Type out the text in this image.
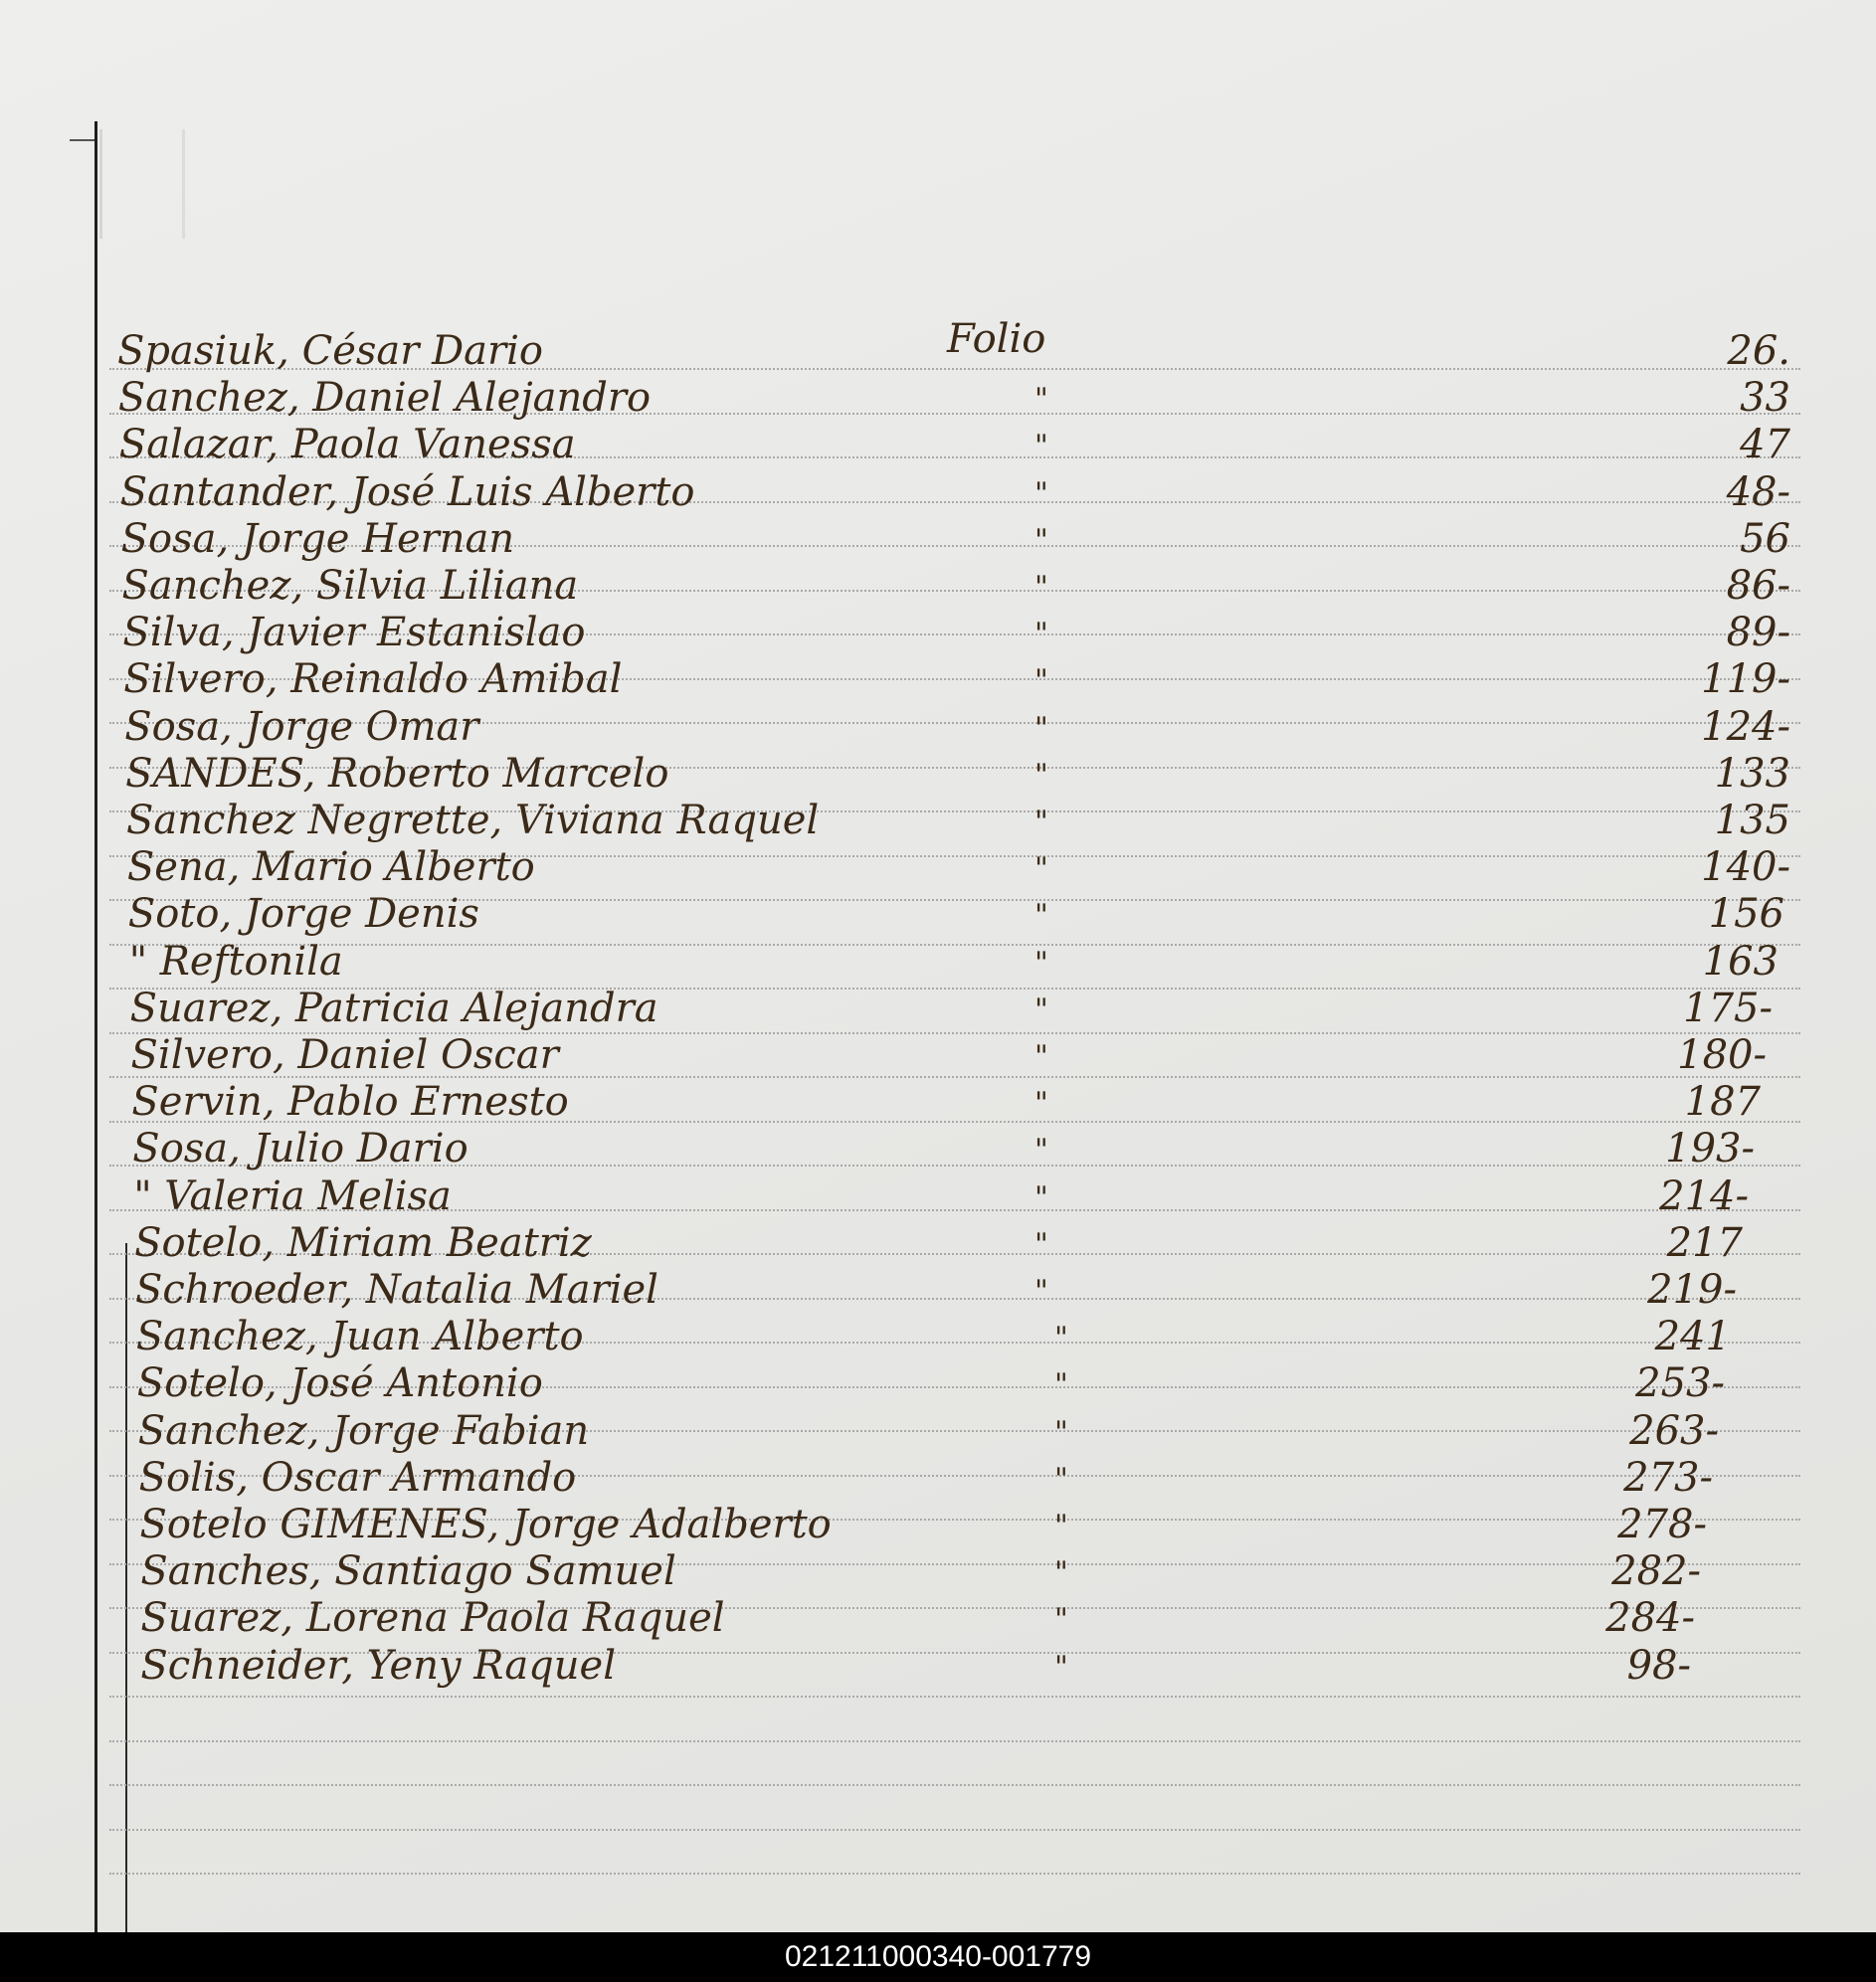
Folio
Spasiuk, César Dario	26.
Sanchez, Daniel Alejandro	"	33
Salazar, Paola Vanessa	"	47
Santander, José Luis Alberto	"	48-
Sosa, Jorge Hernan	"	56
Sanchez, Silvia Liliana	"	86-
Silva, Javier Estanislao	"	89-
Silvero, Reinaldo Amibal	"	119-
Sosa, Jorge Omar	"	124-
SANDES, Roberto Marcelo	"	133
Sanchez Negrette, Viviana Raquel	"	135
Sena, Mario Alberto	"	140-
Soto, Jorge Denis	"	156
" Reftonila	"	163
Suarez, Patricia Alejandra	"	175-
Silvero, Daniel Oscar	"	180-
Servin, Pablo Ernesto	"	187
Sosa, Julio Dario	"	193-
" Valeria Melisa	"	214-
Sotelo, Miriam Beatriz	"	217
Schroeder, Natalia Mariel	"	219-
Sanchez, Juan Alberto	"	241
Sotelo, José Antonio	"	253-
Sanchez, Jorge Fabian	"	263-
Solis, Oscar Armando	"	273-
Sotelo GIMENES, Jorge Adalberto	"	278-
Sanches, Santiago Samuel	"	282-
Suarez, Lorena Paola Raquel	"	284-
Schneider, Yeny Raquel	"	98-
021211000340-001779
